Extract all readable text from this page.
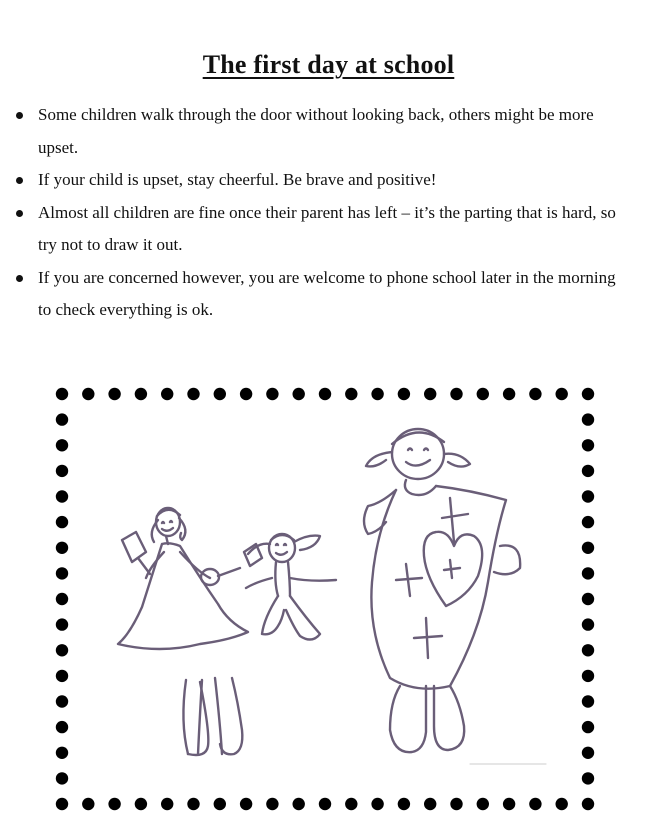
The first day at school
Some children walk through the door without looking back, others might be more upset.
If your child is upset, stay cheerful. Be brave and positive!
Almost all children are fine once their parent has left – it’s the parting that is hard, so try not to draw it out.
If you are concerned however, you are welcome to phone school later in the morning to check everything is ok.
